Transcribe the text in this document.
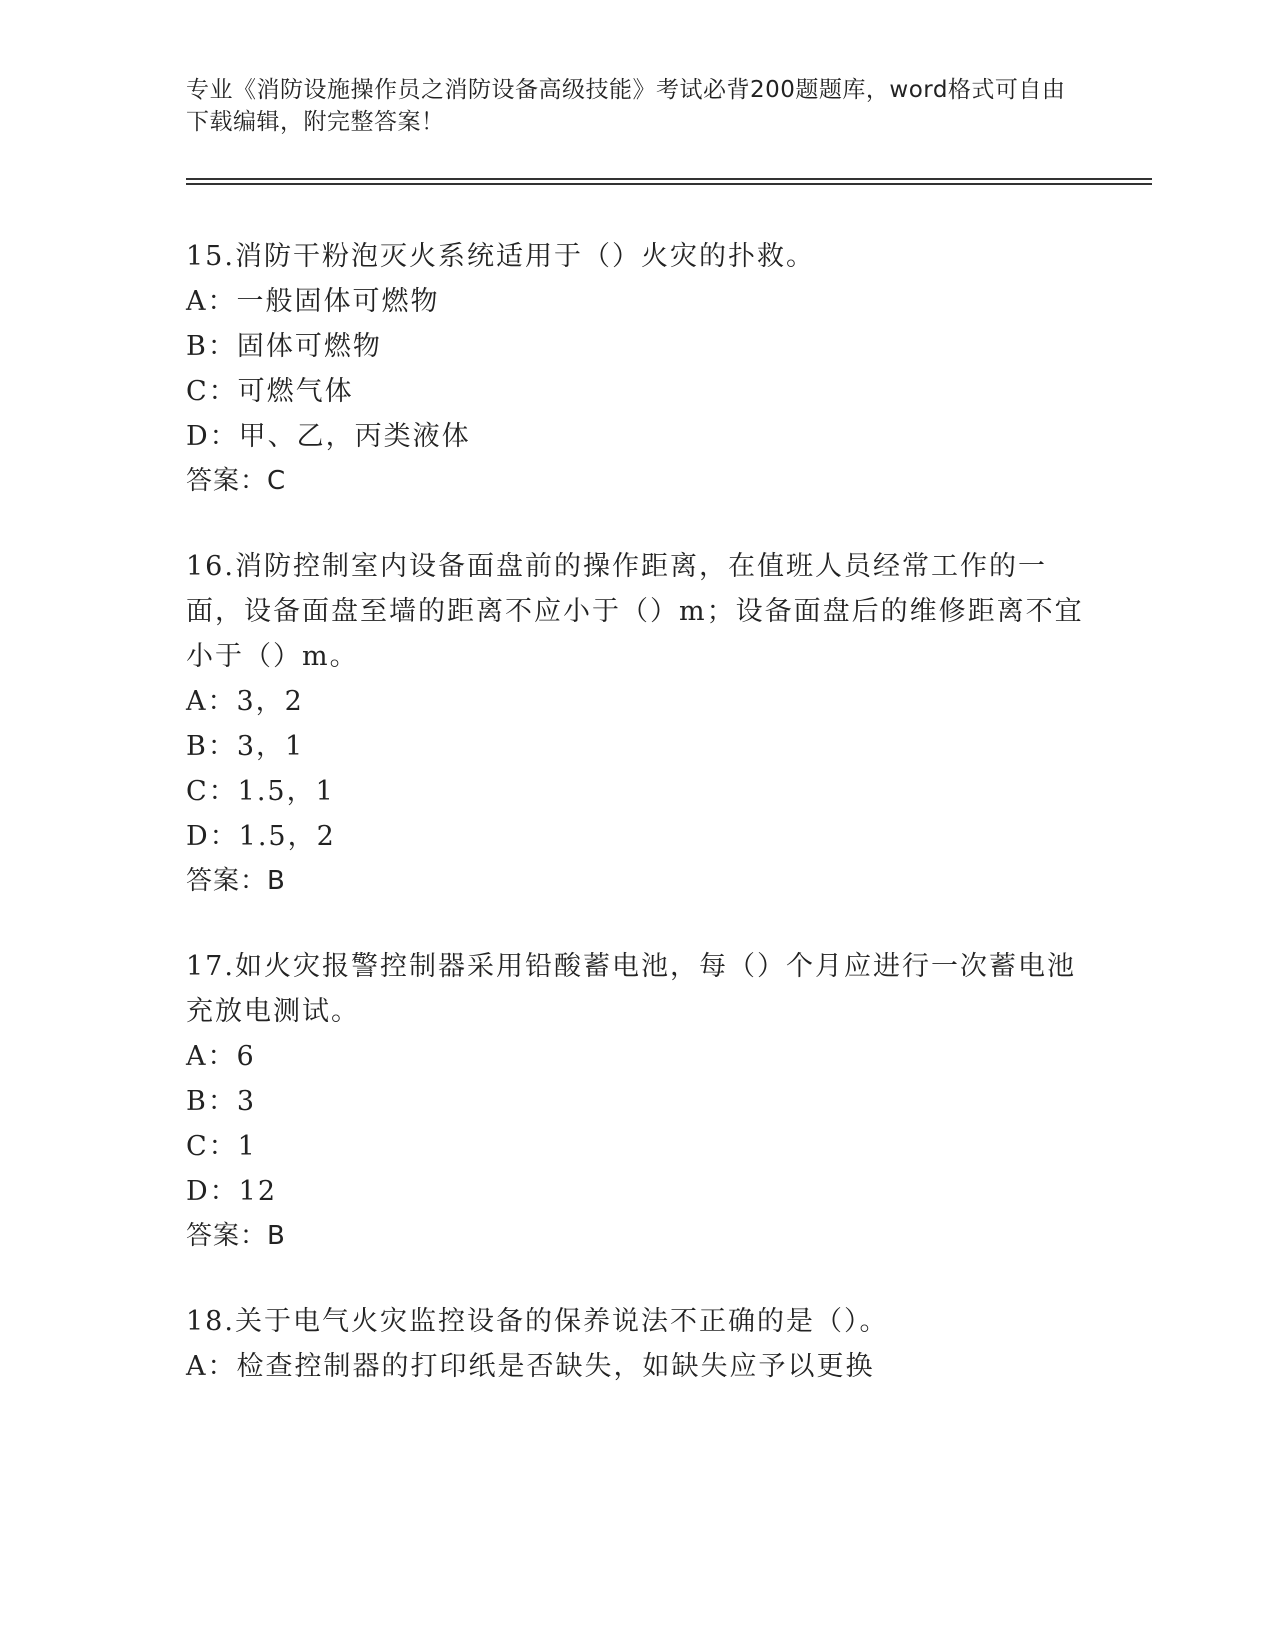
专业《消防设施操作员之消防设备高级技能》考试必背200题题库，word格式可自由下载编辑，附完整答案！
15.消防干粉泡灭火系统适用于（）火灾的扑救。
A：一般固体可燃物
B：固体可燃物
C：可燃气体
D：甲、乙，丙类液体
答案：C
16.消防控制室内设备面盘前的操作距离，在值班人员经常工作的一面，设备面盘至墙的距离不应小于（）m；设备面盘后的维修距离不宜小于（）m。
A：3，2
B：3，1
C：1.5，1
D：1.5，2
答案：B
17.如火灾报警控制器采用铅酸蓄电池，每（）个月应进行一次蓄电池充放电测试。
A：6
B：3
C：1
D：12
答案：B
18.关于电气火灾监控设备的保养说法不正确的是（）。
A：检查控制器的打印纸是否缺失，如缺失应予以更换
